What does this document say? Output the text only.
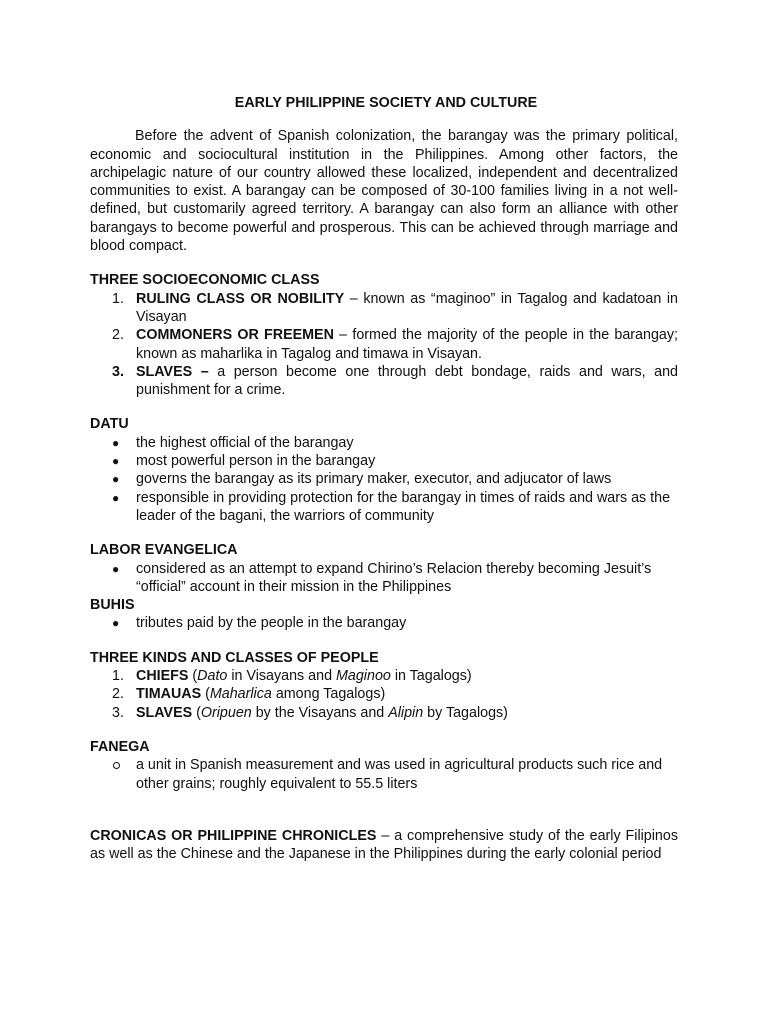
EARLY PHILIPPINE SOCIETY AND CULTURE

Before the advent of Spanish colonization, the barangay was the primary political, economic and sociocultural institution in the Philippines. Among other factors, the archipelagic nature of our country allowed these localized, independent and decentralized communities to exist. A barangay can be composed of 30-100 families living in a not well-defined, but customarily agreed territory. A barangay can also form an alliance with other barangays to become powerful and prosperous. This can be achieved through marriage and blood compact.

THREE SOCIOECONOMIC CLASS

1. RULING CLASS OR NOBILITY – known as “maginoo” in Tagalog and kadatoan in Visayan
2. COMMONERS OR FREEMEN – formed the majority of the people in the barangay; known as maharlika in Tagalog and timawa in Visayan.
3. SLAVES – a person become one through debt bondage, raids and wars, and punishment for a crime.

DATU

● the highest official of the barangay
● most powerful person in the barangay
● governs the barangay as its primary maker, executor, and adjucator of laws
● responsible in providing protection for the barangay in times of raids and wars as the leader of the bagani, the warriors of community

LABOR EVANGELICA

● considered as an attempt to expand Chirino’s Relacion thereby becoming Jesuit’s “official” account in their mission in the Philippines

BUHIS

● tributes paid by the people in the barangay

THREE KINDS AND CLASSES OF PEOPLE

1. CHIEFS (Dato in Visayans and Maginoo in Tagalogs)
2. TIMAUAS (Maharlica among Tagalogs)
3. SLAVES (Oripuen by the Visayans and Alipin by Tagalogs)

FANEGA

a unit in Spanish measurement and was used in agricultural products such rice and other grains; roughly equivalent to 55.5 liters

CRONICAS OR PHILIPPINE CHRONICLES – a comprehensive study of the early Filipinos as well as the Chinese and the Japanese in the Philippines during the early colonial period
